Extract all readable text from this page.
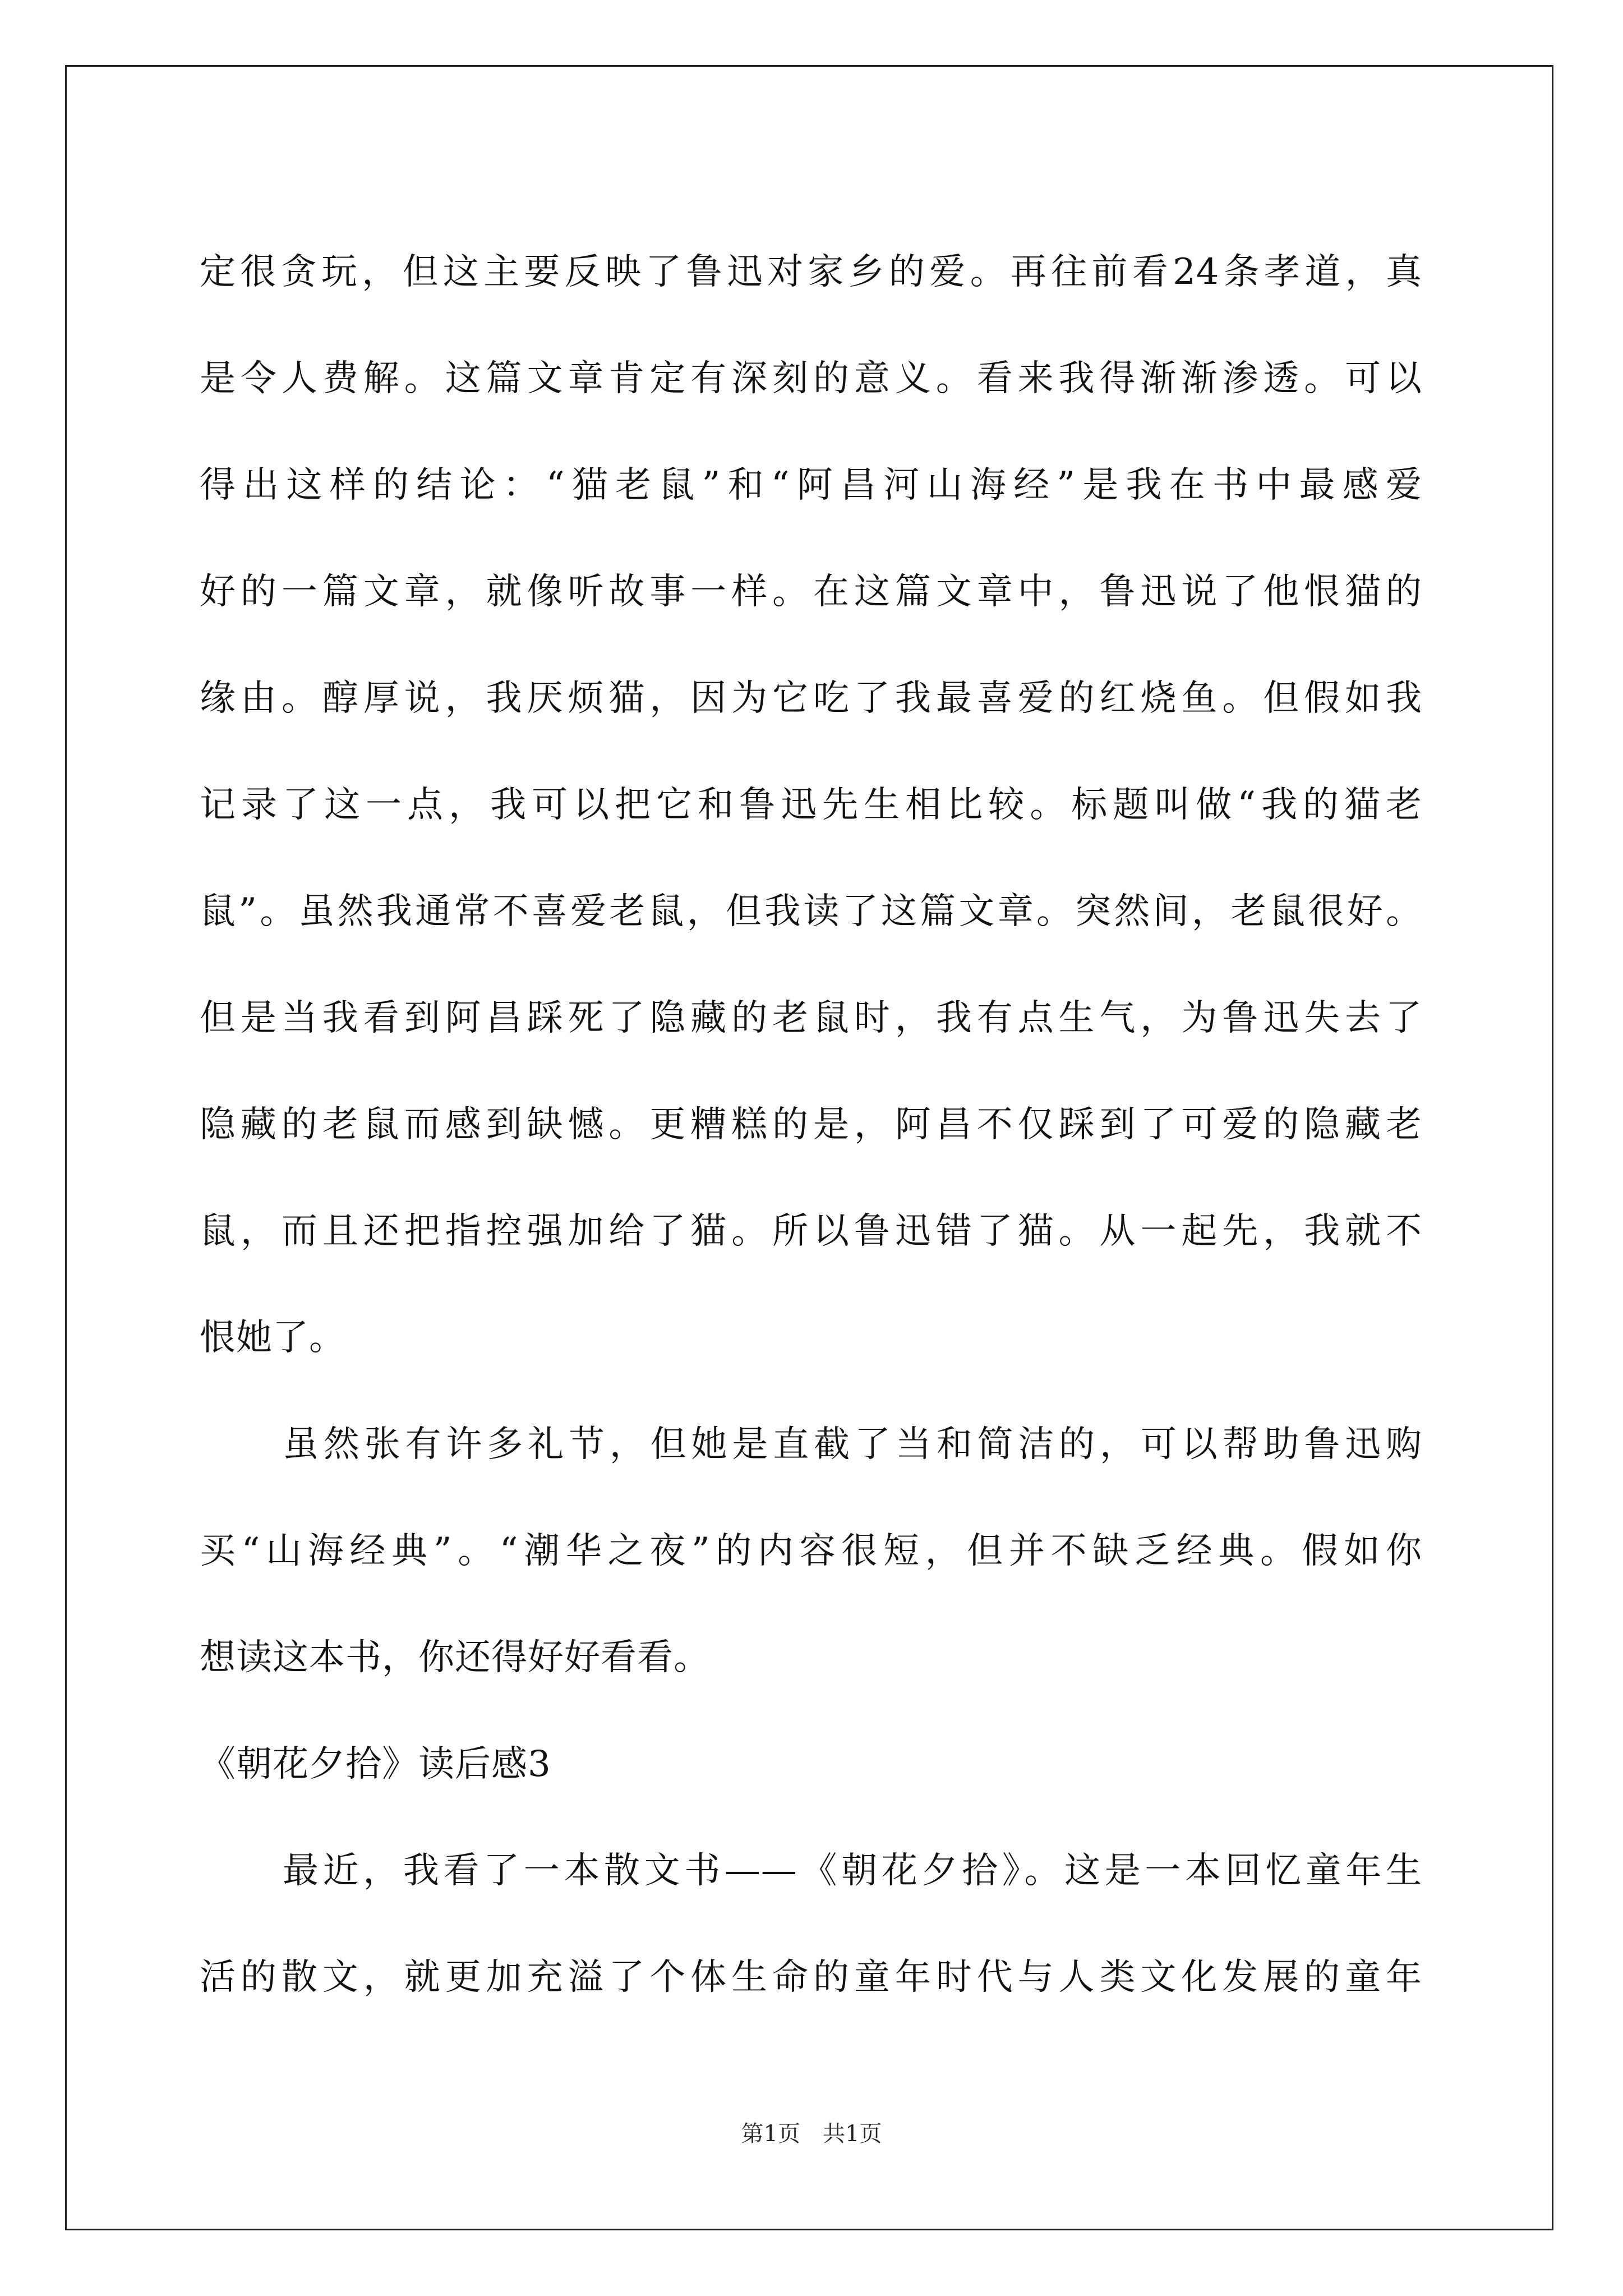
定很贪玩，但这主要反映了鲁迅对家乡的爱。再往前看24条孝道，真
是令人费解。这篇文章肯定有深刻的意义。看来我得渐渐渗透。可以
得出这样的结论：“猫老鼠”和“阿昌河山海经”是我在书中最感爱
好的一篇文章，就像听故事一样。在这篇文章中，鲁迅说了他恨猫的
缘由。醇厚说，我厌烦猫，因为它吃了我最喜爱的红烧鱼。但假如我
记录了这一点，我可以把它和鲁迅先生相比较。标题叫做“我的猫老
鼠”。虽然我通常不喜爱老鼠，但我读了这篇文章。突然间，老鼠很好。
但是当我看到阿昌踩死了隐藏的老鼠时，我有点生气，为鲁迅失去了
隐藏的老鼠而感到缺憾。更糟糕的是，阿昌不仅踩到了可爱的隐藏老
鼠，而且还把指控强加给了猫。所以鲁迅错了猫。从一起先，我就不
恨她了。
虽然张有许多礼节，但她是直截了当和简洁的，可以帮助鲁迅购
买“山海经典”。“潮华之夜”的内容很短，但并不缺乏经典。假如你
想读这本书，你还得好好看看。
《朝花夕拾》读后感3
最近，我看了一本散文书——《朝花夕拾》。这是一本回忆童年生
活的散文，就更加充溢了个体生命的童年时代与人类文化发展的童年
第1页　共1页
